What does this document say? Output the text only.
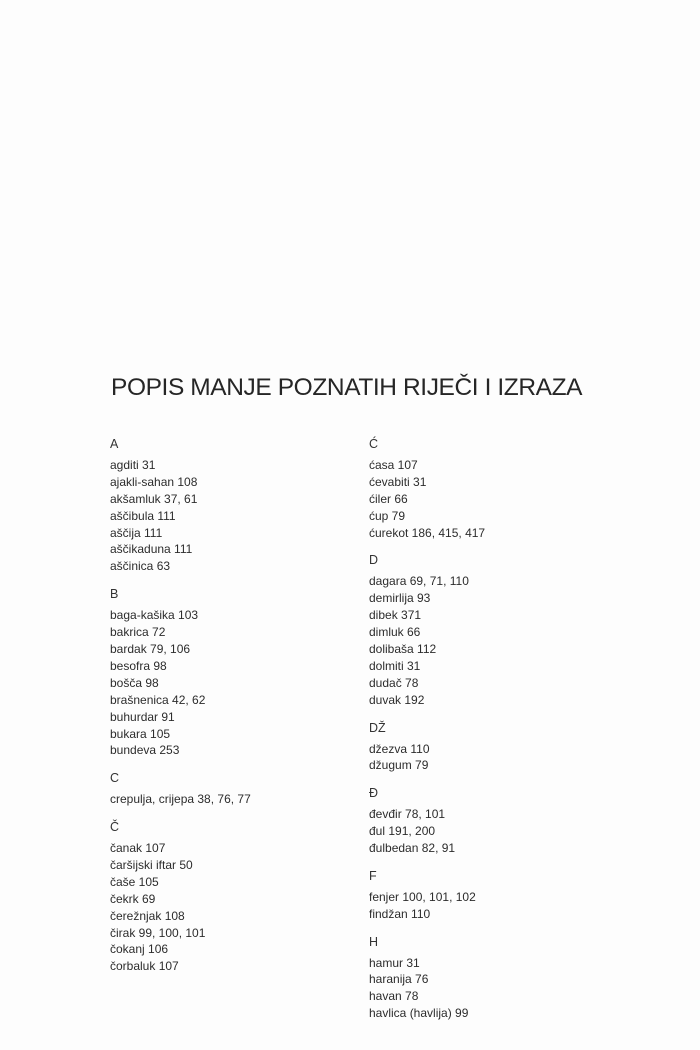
POPIS MANJE POZNATIH RIJEČI I IZRAZA
A
agditi 31
ajakli-sahan 108
akšamluk 37, 61
aščibula 111
aščija 111
aščikaduna 111
aščinica 63
B
baga-kašika 103
bakrica 72
bardak 79, 106
besofra 98
bošča 98
brašnenica 42, 62
buhurdar 91
bukara 105
bundeva 253
C
crepulja, crijepa 38, 76, 77
Č
čanak 107
čaršijski iftar 50
čaše 105
čekrk 69
čerežnjak 108
čirak 99, 100, 101
čokanj 106
čorbaluk 107
Ć
ćasa 107
ćevabiti 31
ćiler 66
ćup 79
ćurekot 186, 415, 417
D
dagara 69, 71, 110
demirlija 93
dibek 371
dimluk 66
dolibaša 112
dolmiti 31
dudač 78
duvak 192
DŽ
džezva 110
džugum 79
Đ
đevđir 78, 101
đul 191, 200
đulbedan 82, 91
F
fenjer 100, 101, 102
findžan 110
H
hamur 31
haranija 76
havan 78
havlica (havlija) 99
